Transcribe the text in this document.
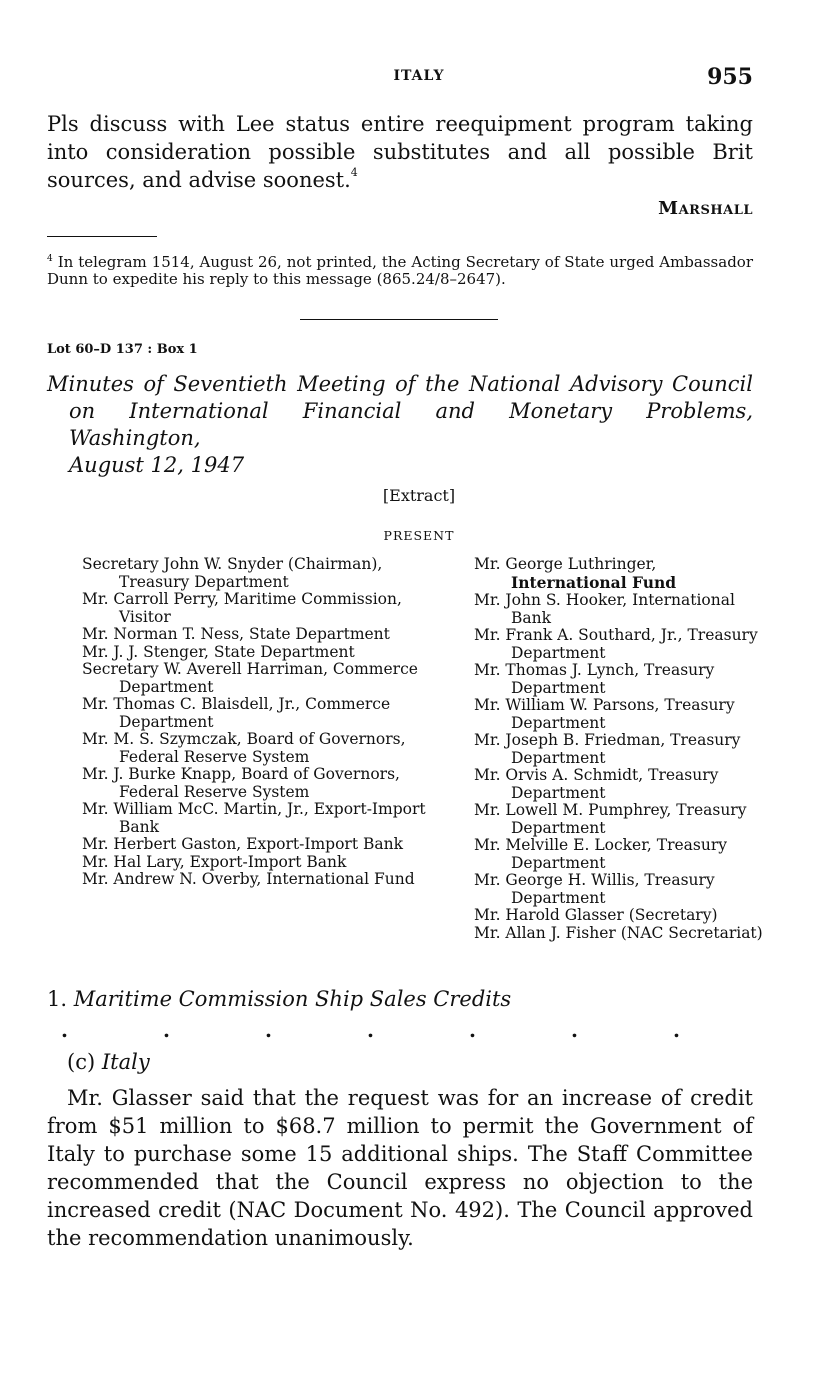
ITALY	955
Pls discuss with Lee status entire reequipment program taking into consideration possible substitutes and all possible Brit sources, and advise soonest.$^4$
Marshall
$^4$ In telegram 1514, August 26, not printed, the Acting Secretary of State urged Ambassador Dunn to expedite his reply to this message (865.24/8–2647).
Lot 60–D 137 : Box 1
Minutes of Seventieth Meeting of the National Advisory Council
on International Financial and Monetary Problems, Washington,
August 12, 1947
[Extract]
PRESENT
Secretary John W. Snyder (Chairman), Treasury Department
Mr. Carroll Perry, Maritime Commission, Visitor
Mr. Norman T. Ness, State Department
Mr. J. J. Stenger, State Department
Secretary W. Averell Harriman, Commerce Department
Mr. Thomas C. Blaisdell, Jr., Commerce Department
Mr. M. S. Szymczak, Board of Governors, Federal Reserve System
Mr. J. Burke Knapp, Board of Governors, Federal Reserve System
Mr. William McC. Martin, Jr., Export-Import Bank
Mr. Herbert Gaston, Export-Import Bank
Mr. Hal Lary, Export-Import Bank
Mr. Andrew N. Overby, International Fund
Mr. George Luthringer, International Fund
Mr. John S. Hooker, International Bank
Mr. Frank A. Southard, Jr., Treasury Department
Mr. Thomas J. Lynch, Treasury Department
Mr. William W. Parsons, Treasury Department
Mr. Joseph B. Friedman, Treasury Department
Mr. Orvis A. Schmidt, Treasury Department
Mr. Lowell M. Pumphrey, Treasury Department
Mr. Melville E. Locker, Treasury Department
Mr. George H. Willis, Treasury Department
Mr. Harold Glasser (Secretary)
Mr. Allan J. Fisher (NAC Secretariat)
1. Maritime Commission Ship Sales Credits
.	.	.	.	.	.	.
(c) Italy

Mr. Glasser said that the request was for an increase of credit from $51 million to $68.7 million to permit the Government of Italy to purchase some 15 additional ships. The Staff Committee recommended that the Council express no objection to the increased credit (NAC Document No. 492). The Council approved the recommendation unanimously.
